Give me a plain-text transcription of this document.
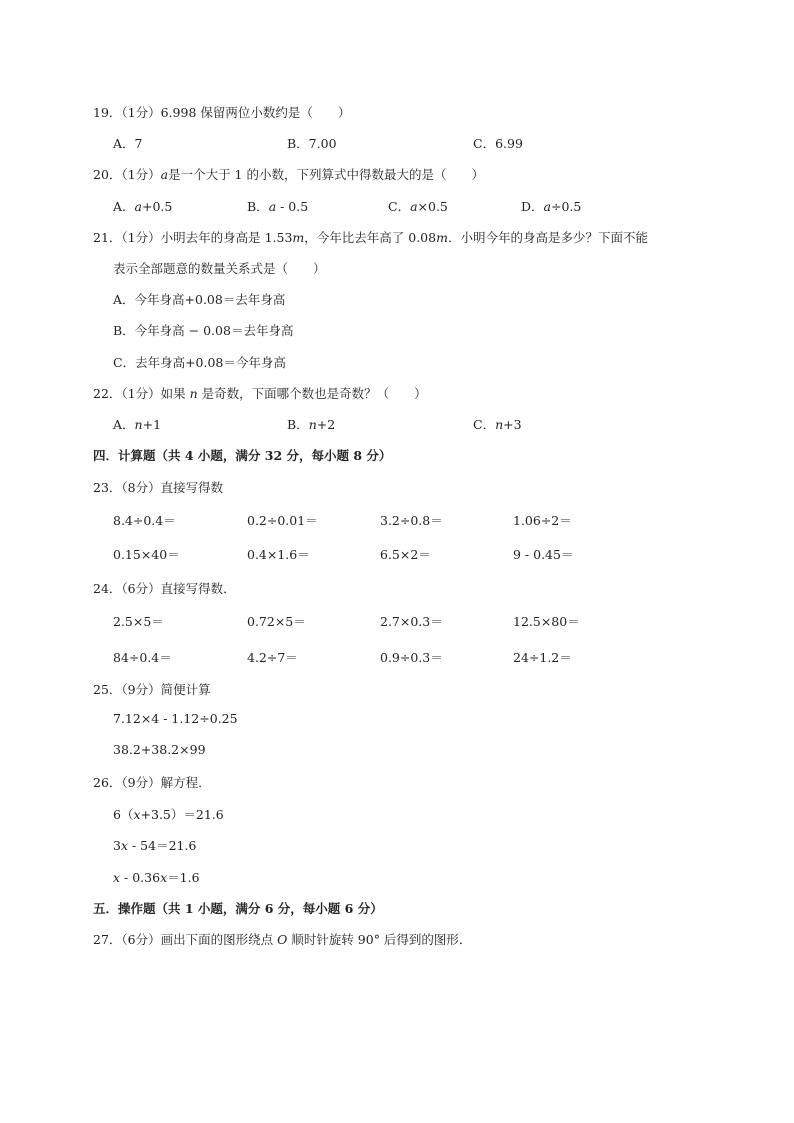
19．（1分）6.998 保留两位小数约是（　　）
A．7	B．7.00	C．6.99
20．（1分）a是一个大于 1 的小数，下列算式中得数最大的是（　　）
A．a+0.5	B．a - 0.5	C．a×0.5	D．a÷0.5
21．（1分）小明去年的身高是 1.53m，今年比去年高了 0.08m．小明今年的身高是多少？下面不能
表示全部题意的数量关系式是（　　）
A．今年身高+0.08＝去年身高
B．今年身高 − 0.08＝去年身高
C．去年身高+0.08＝今年身高
22．（1分）如果 n 是奇数，下面哪个数也是奇数？（　　）
A．n+1	B．n+2	C．n+3
四．计算题（共 4 小题，满分 32 分，每小题 8 分）
23．（8分）直接写得数
8.4÷0.4＝	0.2÷0.01＝	3.2÷0.8＝	1.06÷2＝
0.15×40＝	0.4×1.6＝	6.5×2＝	9 - 0.45＝
24．（6分）直接写得数．
2.5×5＝	0.72×5＝	2.7×0.3＝	12.5×80＝
84÷0.4＝	4.2÷7＝	0.9÷0.3＝	24÷1.2＝
25．（9分）简便计算
7.12×4 - 1.12÷0.25
38.2+38.2×99
26．（9分）解方程．
6（x+3.5）＝21.6
3x - 54＝21.6
x - 0.36x＝1.6
五．操作题（共 1 小题，满分 6 分，每小题 6 分）
27．（6分）画出下面的图形绕点 O 顺时针旋转 90° 后得到的图形．
